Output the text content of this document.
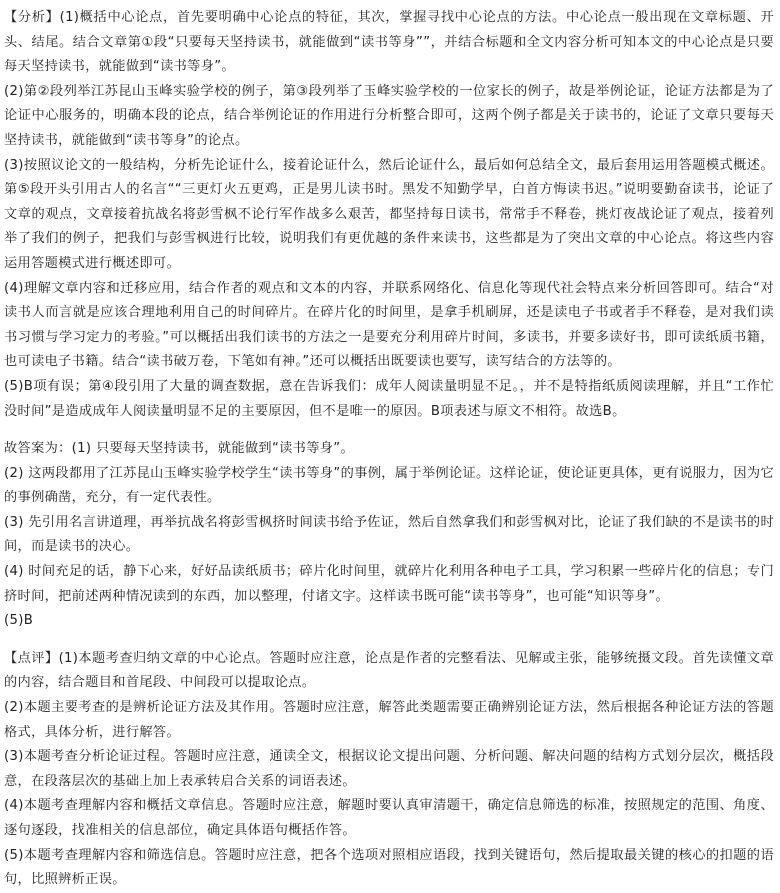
【分析】(1)概括中心论点，首先要明确中心论点的特征，其次，掌握寻找中心论点的方法。中心论点一般出现在文章标题、开头、结尾。结合文章第①段“只要每天坚持读书，就能做到“读书等身””，并结合标题和全文内容分析可知本文的中心论点是只要每天坚持读书，就能做到“读书等身”。

(2)第②段列举江苏昆山玉峰实验学校的例子，第③段列举了玉峰实验学校的一位家长的例子，故是举例论证，论证方法都是为了论证中心服务的，明确本段的论点，结合举例论证的作用进行分析整合即可，这两个例子都是关于读书的，论证了文章只要每天坚持读书，就能做到“读书等身”的论点。

(3)按照议论文的一般结构，分析先论证什么，接着论证什么，然后论证什么，最后如何总结全文，最后套用运用答题模式概述。第⑤段开头引用古人的名言““三更灯火五更鸡，正是男儿读书时。黑发不知勤学早，白首方悔读书迟。”说明要勤奋读书，论证了文章的观点，文章接着抗战名将彭雪枫不论行军作战多么艰苦，都坚持每日读书，常常手不释卷，挑灯夜战论证了观点，接着列举了我们的例子，把我们与彭雪枫进行比较，说明我们有更优越的条件来读书，这些都是为了突出文章的中心论点。将这些内容运用答题模式进行概述即可。

(4)理解文章内容和迁移应用，结合作者的观点和文本的内容，并联系网络化、信息化等现代社会特点来分析回答即可。结合“对读书人而言就是应该合理地利用自己的时间碎片。在碎片化的时间里，是拿手机刷屏，还是读电子书或者手不释卷，是对我们读书习惯与学习定力的考验。”可以概括出我们读书的方法之一是要充分利用碎片时间，多读书，并要多读好书，即可读纸质书籍，也可读电子书籍。结合“读书破万卷，下笔如有神。”还可以概括出既要读也要写，读写结合的方法等的。

(5)B项有误；第④段引用了大量的调查数据，意在告诉我们：成年人阅读量明显不足。，并不是特指纸质阅读理解，并且“工作忙没时间”是造成成年人阅读量明显不足的主要原因，但不是唯一的原因。B项表述与原文不相符。故选B。

故答案为：(1) 只要每天坚持读书，就能做到“读书等身”。

(2) 这两段都用了江苏昆山玉峰实验学校学生“读书等身”的事例，属于举例论证。这样论证，使论证更具体，更有说服力，因为它的事例确凿，充分，有一定代表性。

(3) 先引用名言讲道理，再举抗战名将彭雪枫挤时间读书给予佐证，然后自然拿我们和彭雪枫对比，论证了我们缺的不是读书的时间，而是读书的决心。

(4) 时间充足的话，静下心来，好好品读纸质书；碎片化时间里，就碎片化利用各种电子工具，学习积累一些碎片化的信息；专门挤时间，把前述两种情况读到的东西，加以整理，付诸文字。这样读书既可能“读书等身”，也可能“知识等身”。

(5)B

【点评】(1)本题考查归纳文章的中心论点。答题时应注意，论点是作者的完整看法、见解或主张，能够统摄文段。首先读懂文章的内容，结合题目和首尾段、中间段可以提取论点。

(2)本题主要考查的是辨析论证方法及其作用。答题时应注意，解答此类题需要正确辨别论证方法，然后根据各种论证方法的答题格式，具体分析，进行解答。

(3)本题考查分析论证过程。答题时应注意，通读全文，根据议论文提出问题、分析问题、解决问题的结构方式划分层次，概括段意，在段落层次的基础上加上表承转启合关系的词语表述。

(4)本题考查理解内容和概括文章信息。答题时应注意，解题时要认真审清题干，确定信息筛选的标准，按照规定的范围、角度、逐句逐段，找准相关的信息部位，确定具体语句概括作答。

(5)本题考查理解内容和筛选信息。答题时应注意，把各个选项对照相应语段，找到关键语句，然后提取最关键的核心的扣题的语句，比照辨析正误。
